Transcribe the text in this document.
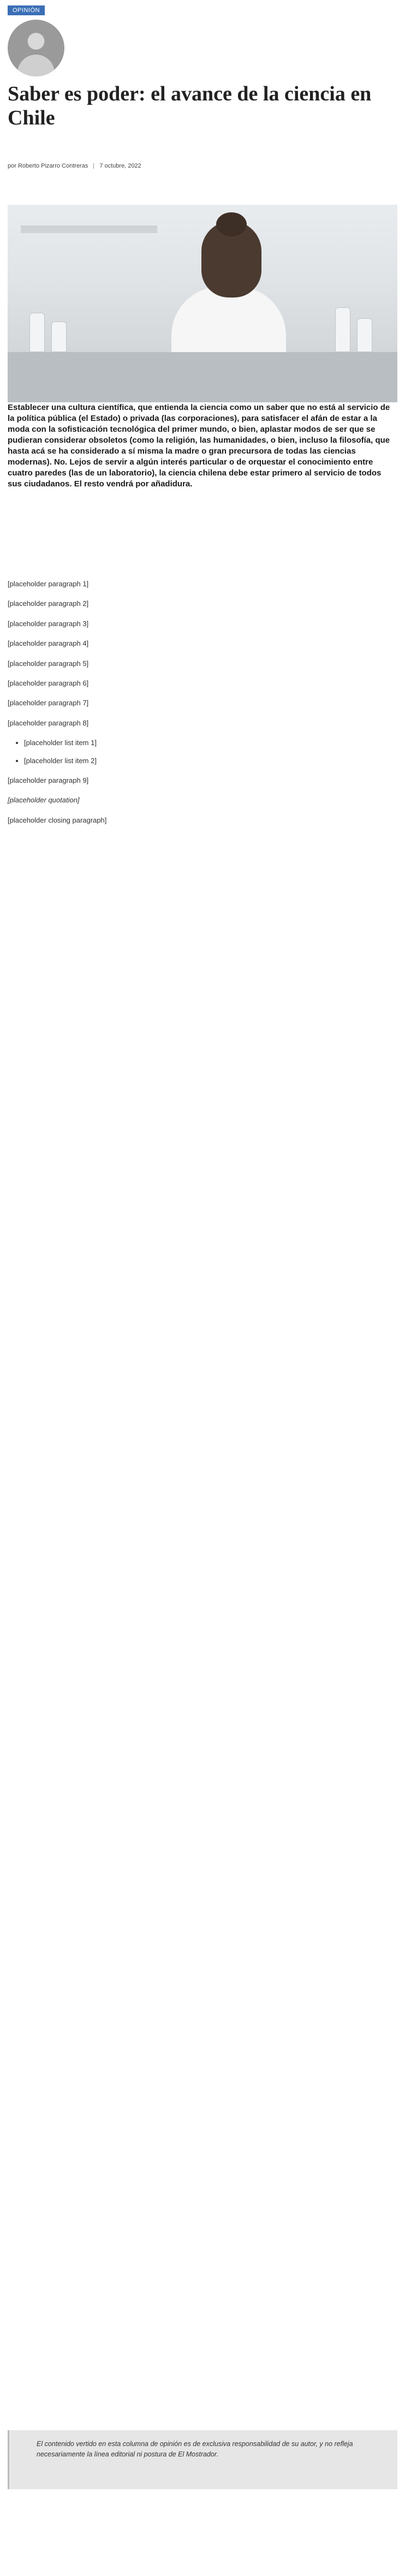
OPINIÓN
Saber es poder: el avance de la ciencia en Chile
por Roberto Pizarro Contreras 7 octubre, 2022

Establecer una cultura científica, que entienda la ciencia como un saber que no está al servicio de la política pública (el Estado) o privada (las corporaciones), para satisfacer el afán de estar a la moda con la sofisticación tecnológica del primer mundo, o bien, aplastar modos de ser que se pudieran considerar obsoletos (como la religión, las humanidades, o bien, incluso la filosofía, que hasta acá se ha considerado a sí misma la madre o gran precursora de todas las ciencias modernas). No. Lejos de servir a algún interés particular o de orquestar el conocimiento entre cuatro paredes (las de un laboratorio), la ciencia chilena debe estar primero al servicio de todos sus ciudadanos. El resto vendrá por añadidura.

[placeholder paragraph 1]

[placeholder paragraph 2]

[placeholder paragraph 3]

[placeholder paragraph 4]

[placeholder paragraph 5]

[placeholder paragraph 6]

[placeholder paragraph 7]

[placeholder paragraph 8]

• [placeholder list item 1]
• [placeholder list item 2]

[placeholder paragraph 9]

[placeholder quotation]

[placeholder closing paragraph]

El contenido vertido en esta columna de opinión es de exclusiva responsabilidad de su autor, y no refleja necesariamente la línea editorial ni postura de El Mostrador.
